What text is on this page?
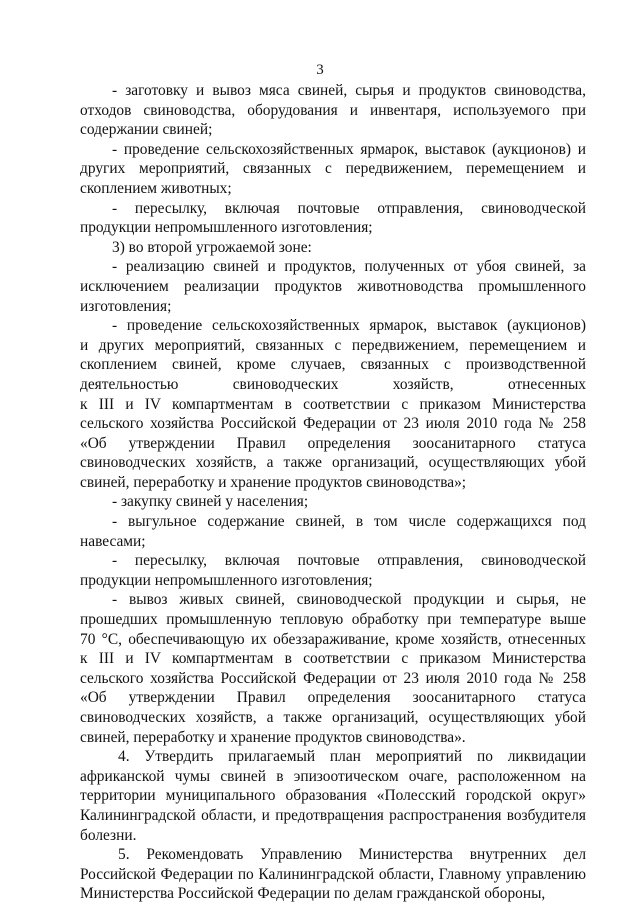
3

- заготовку и вывоз мяса свиней, сырья и продуктов свиноводства, отходов свиноводства, оборудования и инвентаря, используемого при содержании свиней;

- проведение сельскохозяйственных ярмарок, выставок (аукционов) и других мероприятий, связанных с передвижением, перемещением и скоплением животных;

- пересылку, включая почтовые отправления, свиноводческой продукции непромышленного изготовления;

3) во второй угрожаемой зоне:

- реализацию свиней и продуктов, полученных от убоя свиней, за исключением реализации продуктов животноводства промышленного изготовления;

- проведение сельскохозяйственных ярмарок, выставок (аукционов)
и других мероприятий, связанных с передвижением, перемещением и
скоплением свиней, кроме случаев, связанных с производственной
деятельностью свиноводческих хозяйств, отнесенных
к III и IV компартментам в соответствии с приказом Министерства
сельского хозяйства Российской Федерации от 23 июля 2010 года № 258
«Об утверждении Правил определения зоосанитарного статуса
свиноводческих хозяйств, а также организаций, осуществляющих убой
свиней, переработку и хранение продуктов свиноводства»;

- закупку свиней у населения;

- выгульное содержание свиней, в том числе содержащихся под навесами;

- пересылку, включая почтовые отправления, свиноводческой продукции непромышленного изготовления;

- вывоз живых свиней, свиноводческой продукции и сырья, не
прошедших промышленную тепловую обработку при температуре выше
70 °С, обеспечивающую их обеззараживание, кроме хозяйств, отнесенных
к III и IV компартментам в соответствии с приказом Министерства
сельского хозяйства Российской Федерации от 23 июля 2010 года № 258
«Об утверждении Правил определения зоосанитарного статуса
свиноводческих хозяйств, а также организаций, осуществляющих убой
свиней, переработку и хранение продуктов свиноводства».

4. Утвердить прилагаемый план мероприятий по ликвидации африканской чумы свиней в эпизоотическом очаге, расположенном на территории муниципального образования «Полесский городской округ» Калининградской области, и предотвращения распространения возбудителя болезни.

5. Рекомендовать Управлению Министерства внутренних дел Российской Федерации по Калининградской области, Главному управлению Министерства Российской Федерации по делам гражданской обороны,
